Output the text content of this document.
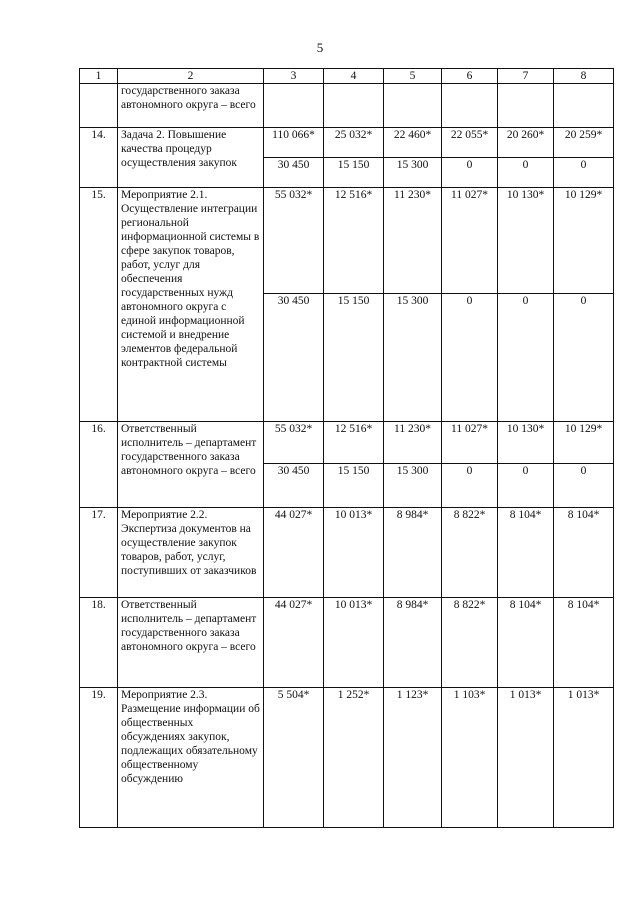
5
1	2	3	4	5	6	7	8
	государственного заказа автономного округа – всего						
14.	Задача 2. Повышение качества процедур осуществления закупок	110 066*	25 032*	22 460*	22 055*	20 260*	20 259*
		30 450	15 150	15 300	0	0	0
15.	Мероприятие 2.1. Осуществление интеграции региональной информационной системы в сфере закупок товаров, работ, услуг для обеспечения государственных нужд автономного округа с единой информационной системой и внедрение элементов федеральной контрактной системы	55 032*	12 516*	11 230*	11 027*	10 130*	10 129*
		30 450	15 150	15 300	0	0	0
16.	Ответственный исполнитель – департамент государственного заказа автономного округа – всего	55 032*	12 516*	11 230*	11 027*	10 130*	10 129*
		30 450	15 150	15 300	0	0	0
17.	Мероприятие 2.2. Экспертиза документов на осуществление закупок товаров, работ, услуг, поступивших от заказчиков	44 027*	10 013*	8 984*	8 822*	8 104*	8 104*
18.	Ответственный исполнитель – департамент государственного заказа автономного округа – всего	44 027*	10 013*	8 984*	8 822*	8 104*	8 104*
19.	Мероприятие 2.3. Размещение информации об общественных обсуждениях закупок, подлежащих обязательному общественному обсуждению	5 504*	1 252*	1 123*	1 103*	1 013*	1 013*
